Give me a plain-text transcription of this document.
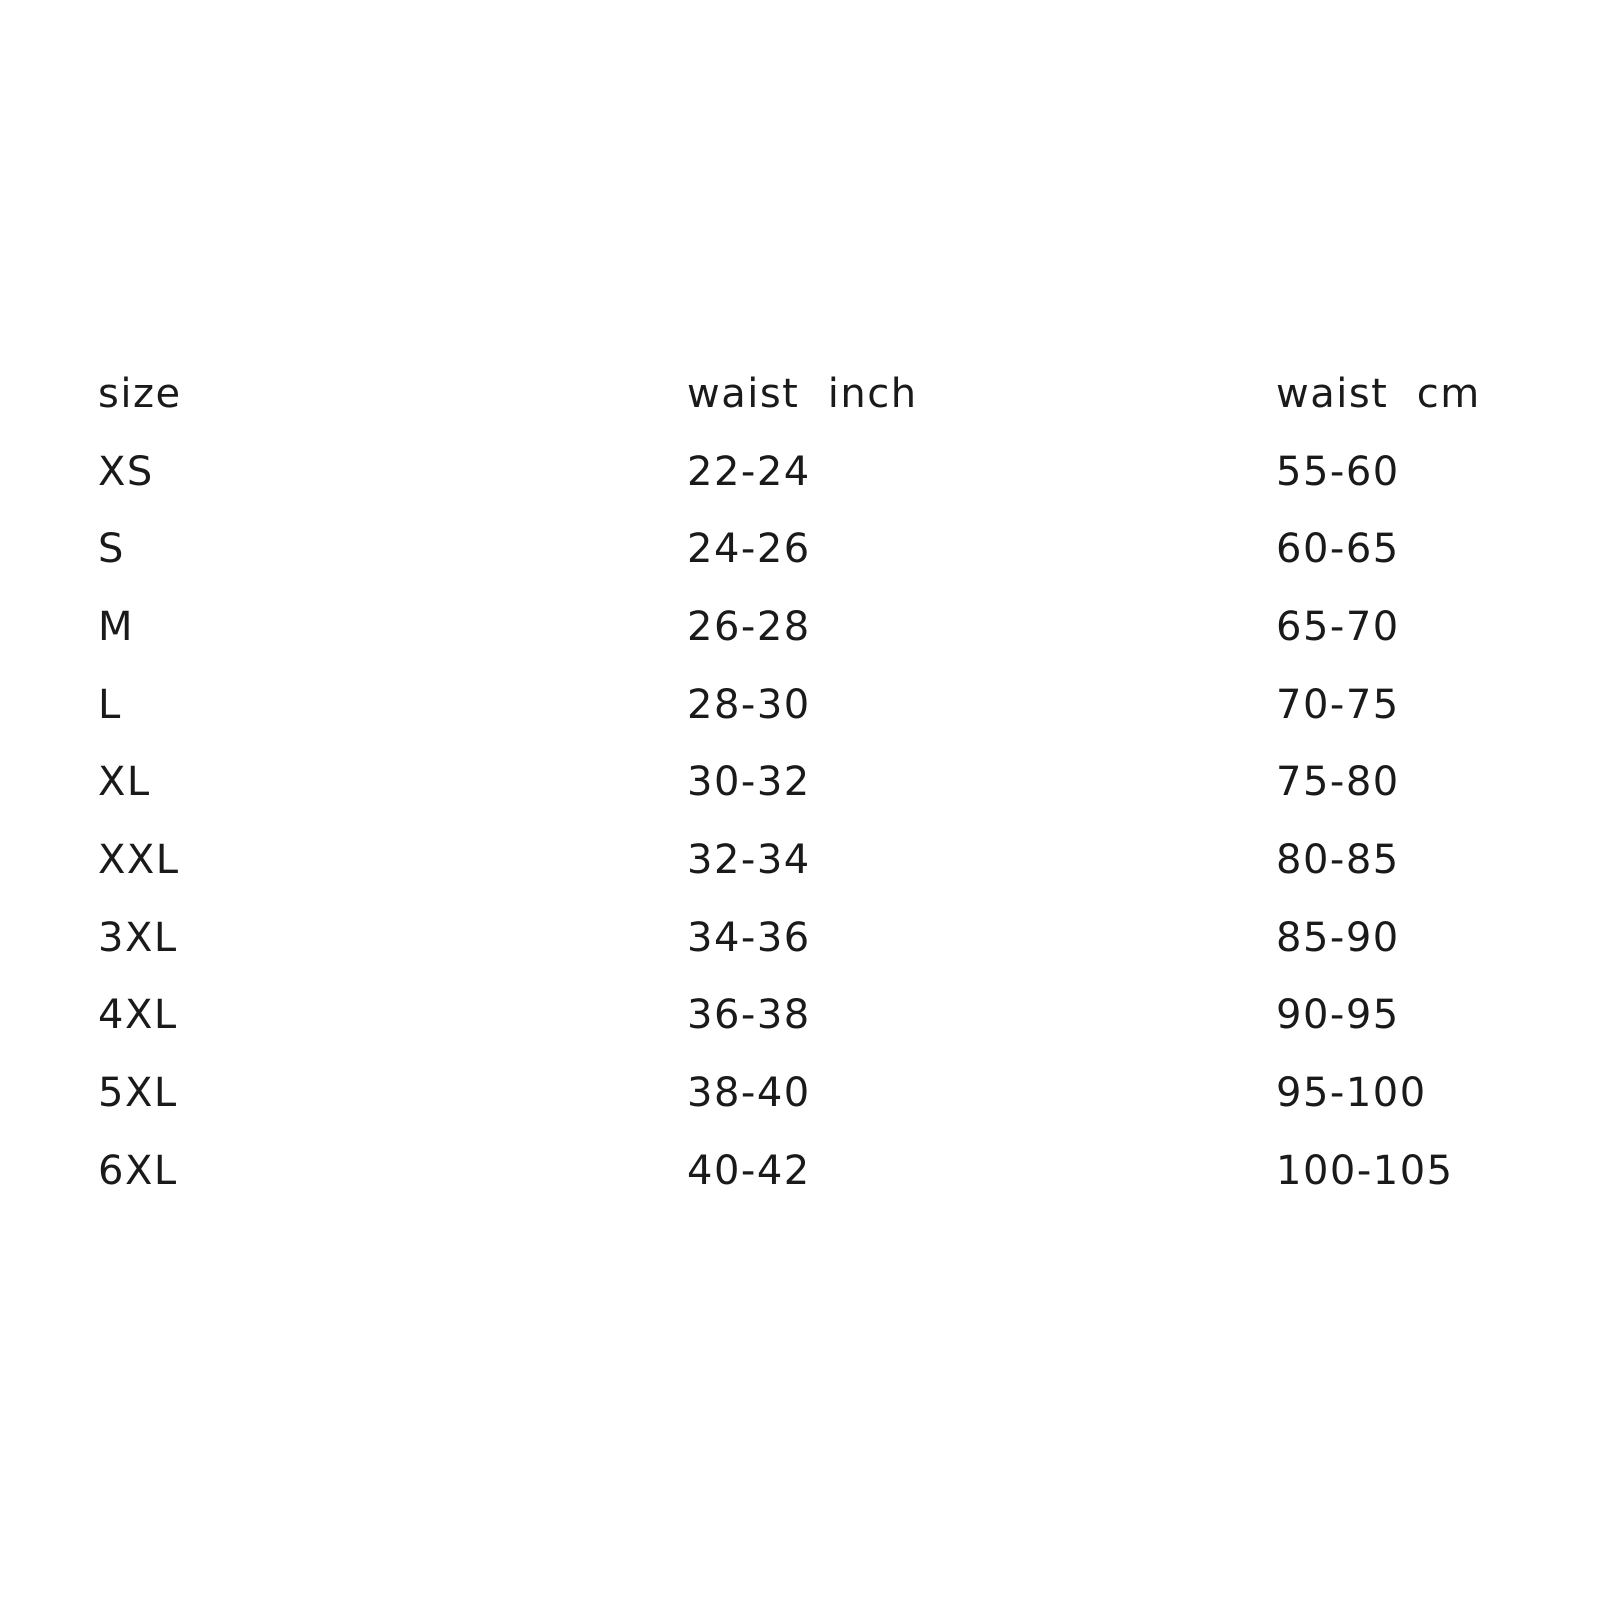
size	waist  inch	waist  cm
XS	22-24	55-60
S	24-26	60-65
M	26-28	65-70
L	28-30	70-75
XL	30-32	75-80
XXL	32-34	80-85
3XL	34-36	85-90
4XL	36-38	90-95
5XL	38-40	95-100
6XL	40-42	100-105
